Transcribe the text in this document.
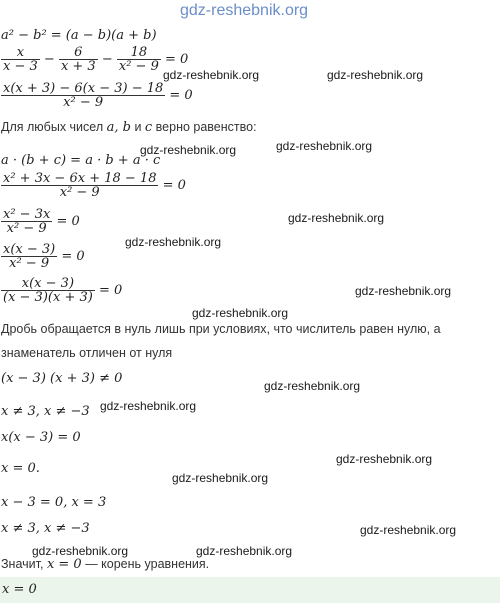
gdz-reshebnik.org
a² − b² = (a − b)(a + b)
$\frac{x}{x - 3} - \frac{6}{x + 3} - \frac{18}{\text{x² − 9}} = 0$
gdz-reshebnik.org	gdz-reshebnik.org
$\frac{x(x + 3) - 6(x - 3) - 18}{\text{x² − 9}} = 0$
Для любых чисел a, b и c верно равенство:
a · (b + c) = a · b + a · c
gdz-reshebnik.org	gdz-reshebnik.org
$\frac{\text{x² + 3x − 6x + 18 − 18}}{\text{x² − 9}} = 0$
$\frac{\text{x² − 3x}}{\text{x² − 9}} = 0$	gdz-reshebnik.org
gdz-reshebnik.org
$\frac{x(x - 3)}{\text{x² − 9}} = 0$
$\frac{x(x - 3)}{(x - 3)(x + 3)} = 0$	gdz-reshebnik.org
gdz-reshebnik.org
Дробь обращается в нуль лишь при условиях, что числитель равен нулю, а
знаменатель отличен от нуля
(x − 3) (x + 3) ≠ 0	gdz-reshebnik.org
x ≠ 3, x ≠ −3 gdz-reshebnik.org
x(x − 3) = 0
x = 0.
gdz-reshebnik.org
gdz-reshebnik.org
x − 3 = 0, x = 3
x ≠ 3, x ≠ −3	gdz-reshebnik.org
gdz-reshebnik.org	gdz-reshebnik.org
Значит, x = 0 — корень уравнения.
x = 0
